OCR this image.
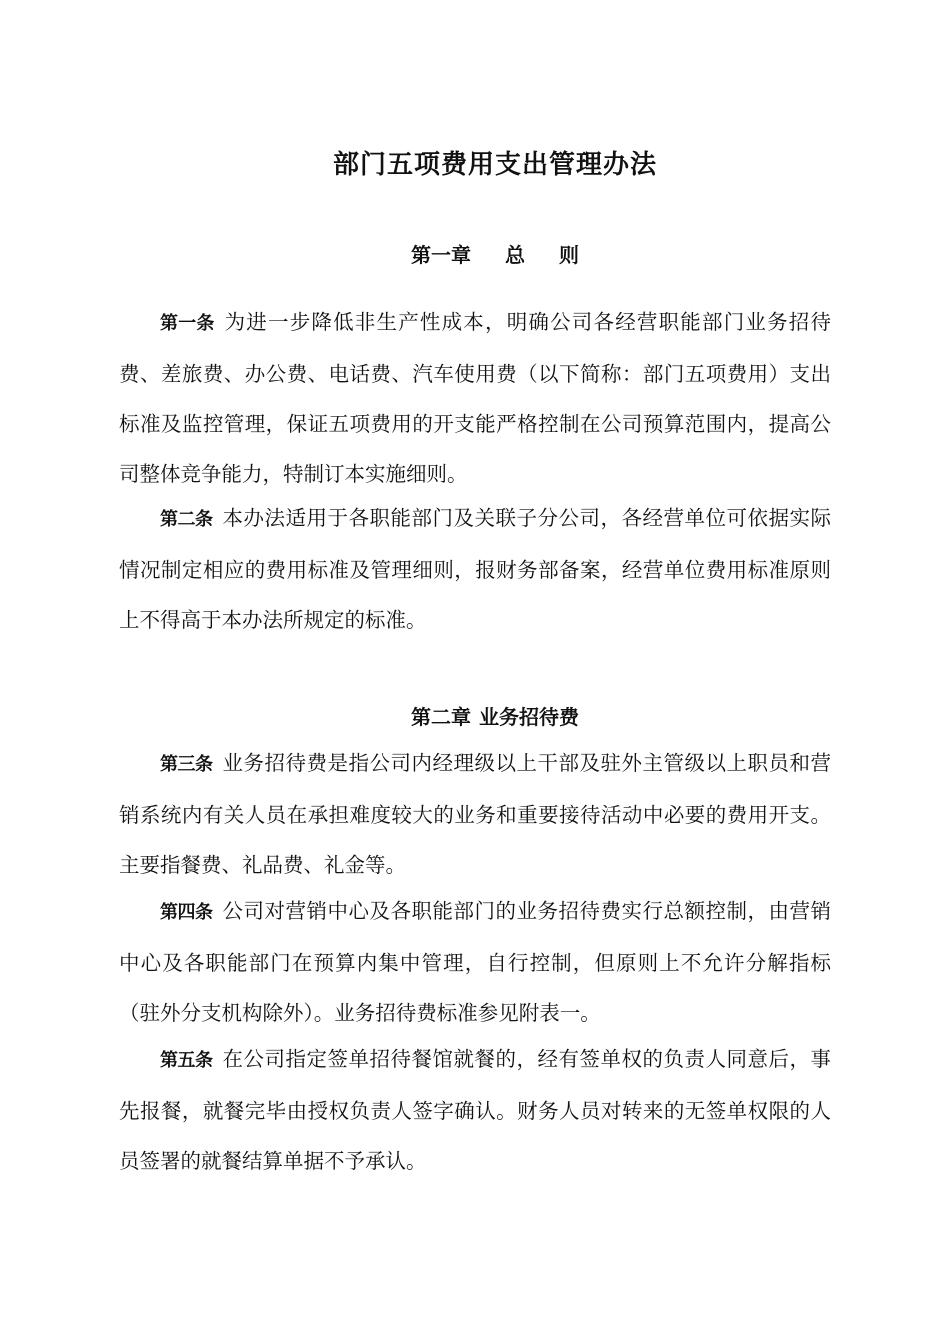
部门五项费用支出管理办法
第一章 总 则

第一条 为进一步降低非生产性成本，明确公司各经营职能部门业务招待费、差旅费、办公费、电话费、汽车使用费（以下简称：部门五项费用）支出标准及监控管理，保证五项费用的开支能严格控制在公司预算范围内，提高公司整体竞争能力，特制订本实施细则。

第二条 本办法适用于各职能部门及关联子分公司，各经营单位可依据实际情况制定相应的费用标准及管理细则，报财务部备案，经营单位费用标准原则上不得高于本办法所规定的标准。

第二章 业务招待费

第三条 业务招待费是指公司内经理级以上干部及驻外主管级以上职员和营销系统内有关人员在承担难度较大的业务和重要接待活动中必要的费用开支。主要指餐费、礼品费、礼金等。

第四条 公司对营销中心及各职能部门的业务招待费实行总额控制，由营销中心及各职能部门在预算内集中管理，自行控制，但原则上不允许分解指标（驻外分支机构除外）。业务招待费标准参见附表一。

第五条 在公司指定签单招待餐馆就餐的，经有签单权的负责人同意后，事先报餐，就餐完毕由授权负责人签字确认。财务人员对转来的无签单权限的人员签署的就餐结算单据不予承认。
